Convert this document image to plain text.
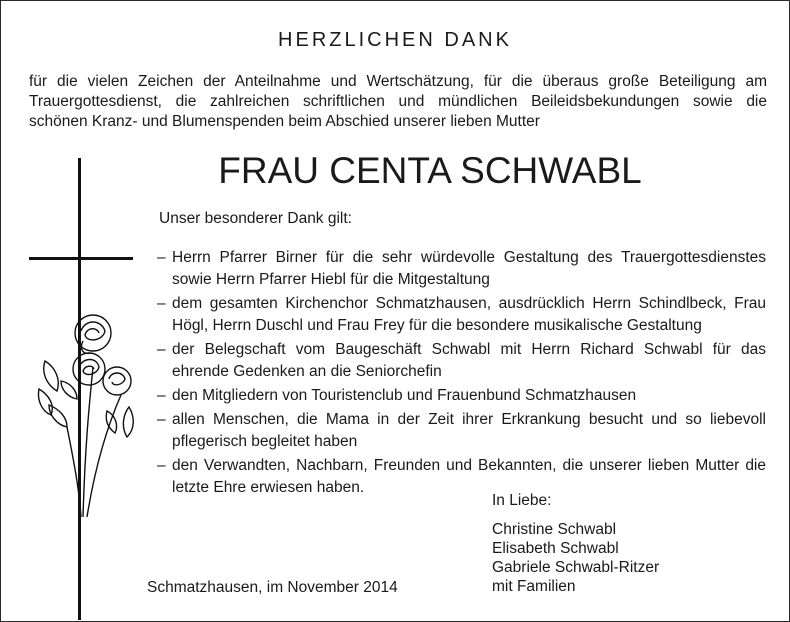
HERZLICHEN DANK
für die vielen Zeichen der Anteilnahme und Wertschätzung, für die überaus große Beteiligung am
Trauergottesdienst, die zahlreichen schriftlichen und mündlichen Beileidsbekundungen sowie die
schönen Kranz- und Blumenspenden beim Abschied unserer lieben Mutter
FRAU CENTA SCHWABL
Unser besonderer Dank gilt:
– Herrn Pfarrer Birner für die sehr würdevolle Gestaltung des Trauergottesdienstes sowie Herrn Pfarrer Hiebl für die Mitgestaltung
– dem gesamten Kirchenchor Schmatzhausen, ausdrücklich Herrn Schindlbeck, Frau Högl, Herrn Duschl und Frau Frey für die besondere musikalische Gestaltung
– der Belegschaft vom Baugeschäft Schwabl mit Herrn Richard Schwabl für das ehrende Gedenken an die Seniorchefin
– den Mitgliedern von Touristenclub und Frauenbund Schmatzhausen
– allen Menschen, die Mama in der Zeit ihrer Erkrankung besucht und so liebevoll pflegerisch begleitet haben
– den Verwandten, Nachbarn, Freunden und Bekannten, die unserer lieben Mutter die letzte Ehre erwiesen haben.
Schmatzhausen, im November 2014
In Liebe:
Christine Schwabl
Elisabeth Schwabl
Gabriele Schwabl-Ritzer
mit Familien
